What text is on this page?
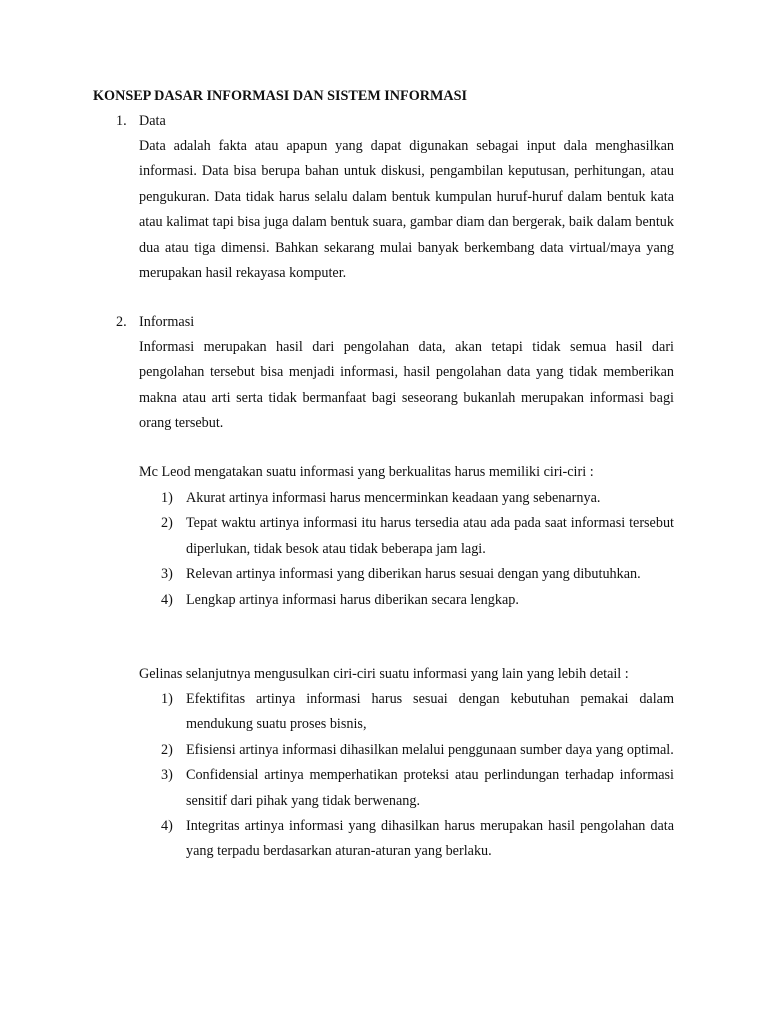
KONSEP DASAR INFORMASI DAN SISTEM INFORMASI
1. Data

Data adalah fakta atau apapun yang dapat digunakan sebagai input dala menghasilkan informasi. Data bisa berupa bahan untuk diskusi, pengambilan keputusan, perhitungan, atau pengukuran. Data tidak harus selalu dalam bentuk kumpulan huruf-huruf dalam bentuk kata atau kalimat tapi bisa juga dalam bentuk suara, gambar diam dan bergerak, baik dalam bentuk dua atau tiga dimensi. Bahkan sekarang mulai banyak berkembang data virtual/maya yang merupakan hasil rekayasa komputer.

2. Informasi

Informasi merupakan hasil dari pengolahan data, akan tetapi tidak semua hasil dari pengolahan tersebut bisa menjadi informasi, hasil pengolahan data yang tidak memberikan makna atau arti serta tidak bermanfaat bagi seseorang bukanlah merupakan informasi bagi orang tersebut.

Mc Leod mengatakan suatu informasi yang berkualitas harus memiliki ciri-ciri :

1) Akurat artinya informasi harus mencerminkan keadaan yang sebenarnya.
2) Tepat waktu artinya informasi itu harus tersedia atau ada pada saat informasi tersebut diperlukan, tidak besok atau tidak beberapa jam lagi.
3) Relevan artinya informasi yang diberikan harus sesuai dengan yang dibutuhkan.
4) Lengkap artinya informasi harus diberikan secara lengkap.

Gelinas selanjutnya mengusulkan ciri-ciri suatu informasi yang lain yang lebih detail :

1) Efektifitas artinya informasi harus sesuai dengan kebutuhan pemakai dalam mendukung suatu proses bisnis,
2) Efisiensi artinya informasi dihasilkan melalui penggunaan sumber daya yang optimal.
3) Confidensial artinya memperhatikan proteksi atau perlindungan terhadap informasi sensitif dari pihak yang tidak berwenang.
4) Integritas artinya informasi yang dihasilkan harus merupakan hasil pengolahan data yang terpadu berdasarkan aturan-aturan yang berlaku.
